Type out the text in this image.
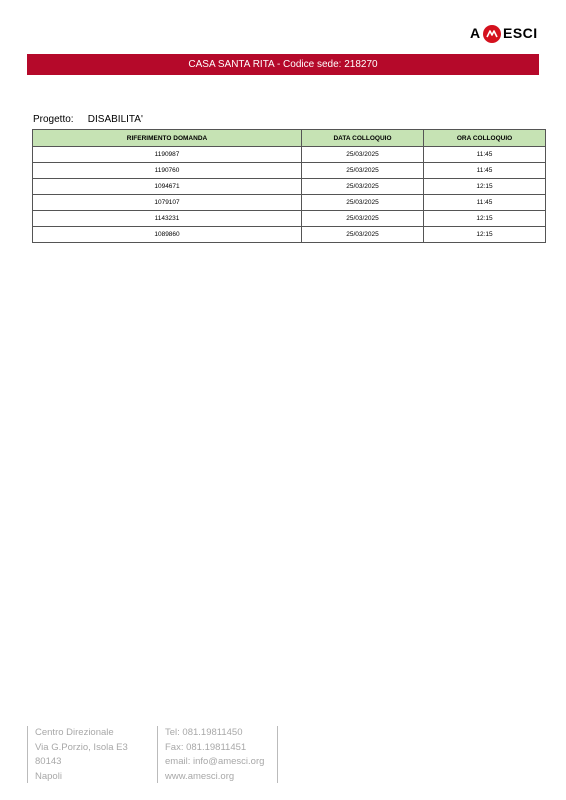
A ESCI
CASA SANTA RITA - Codice sede: 218270
Progetto: DISABILITA'
RIFERIMENTO DOMANDA	DATA COLLOQUIO	ORA COLLOQUIO
1190987	25/03/2025	11:45
1190760	25/03/2025	11:45
1094671	25/03/2025	12:15
1079107	25/03/2025	11:45
1143231	25/03/2025	12:15
1089860	25/03/2025	12:15
Centro Direzionale
Via G.Porzio, Isola E3
80143
Napoli
Tel: 081.19811450
Fax: 081.19811451
email: info@amesci.org
www.amesci.org
